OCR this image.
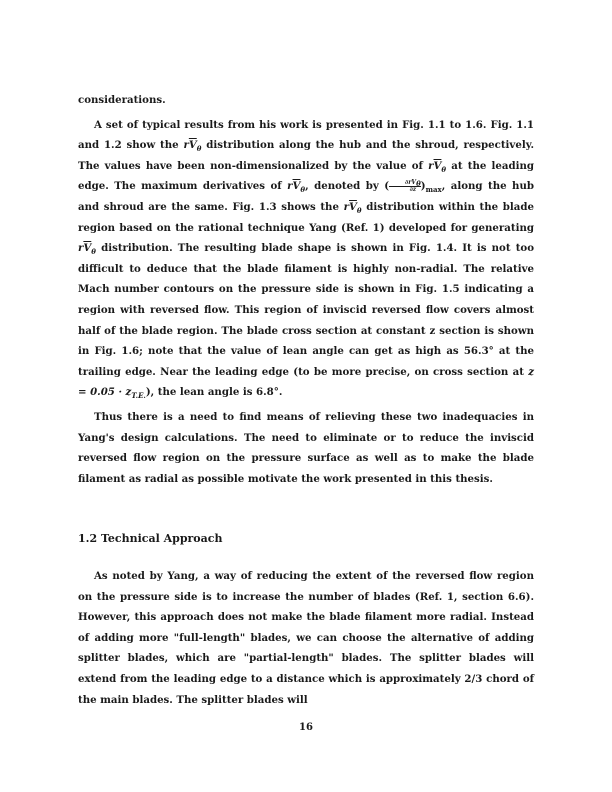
considerations.

A set of typical results from his work is presented in Fig. 1.1 to 1.6. Fig. 1.1 and 1.2 show the $r\overline{V}_\theta$ distribution along the hub and the shroud, respectively. The values have been non-dimensionalized by the value of $r\overline{V}_\theta$ at the leading edge. The maximum derivatives of $r\overline{V}_\theta$, denoted by ( $\frac{\partial rV_\theta}{\partial z} )_{max}$, along the hub and shroud are the same. Fig. 1.3 shows the $r\overline{V}_\theta$ distribution within the blade region based on the rational technique Yang (Ref. 1) developed for generating $r\overline{V}_\theta$ distribution. The resulting blade shape is shown in Fig. 1.4. It is not too difficult to deduce that the blade filament is highly non-radial. The relative Mach number contours on the pressure side is shown in Fig. 1.5 indicating a region with reversed flow. This region of inviscid reversed flow covers almost half of the blade region. The blade cross section at constant z section is shown in Fig. 1.6; note that the value of lean angle can get as high as 56.3° at the trailing edge. Near the leading edge (to be more precise, on cross section at $z = 0.05 \cdot z_{T.E.}$), the lean angle is 6.8°.

Thus there is a need to find means of relieving these two inadequacies in Yang's design calculations. The need to eliminate or to reduce the inviscid reversed flow region on the pressure surface as well as to make the blade filament as radial as possible motivate the work presented in this thesis.

1.2 Technical Approach

As noted by Yang, a way of reducing the extent of the reversed flow region on the pressure side is to increase the number of blades (Ref. 1, section 6.6). However, this approach does not make the blade filament more radial. Instead of adding more "full-length" blades, we can choose the alternative of adding splitter blades, which are "partial-length" blades. The splitter blades will extend from the leading edge to a distance which is approximately 2/3 chord of the main blades. The splitter blades will

16
